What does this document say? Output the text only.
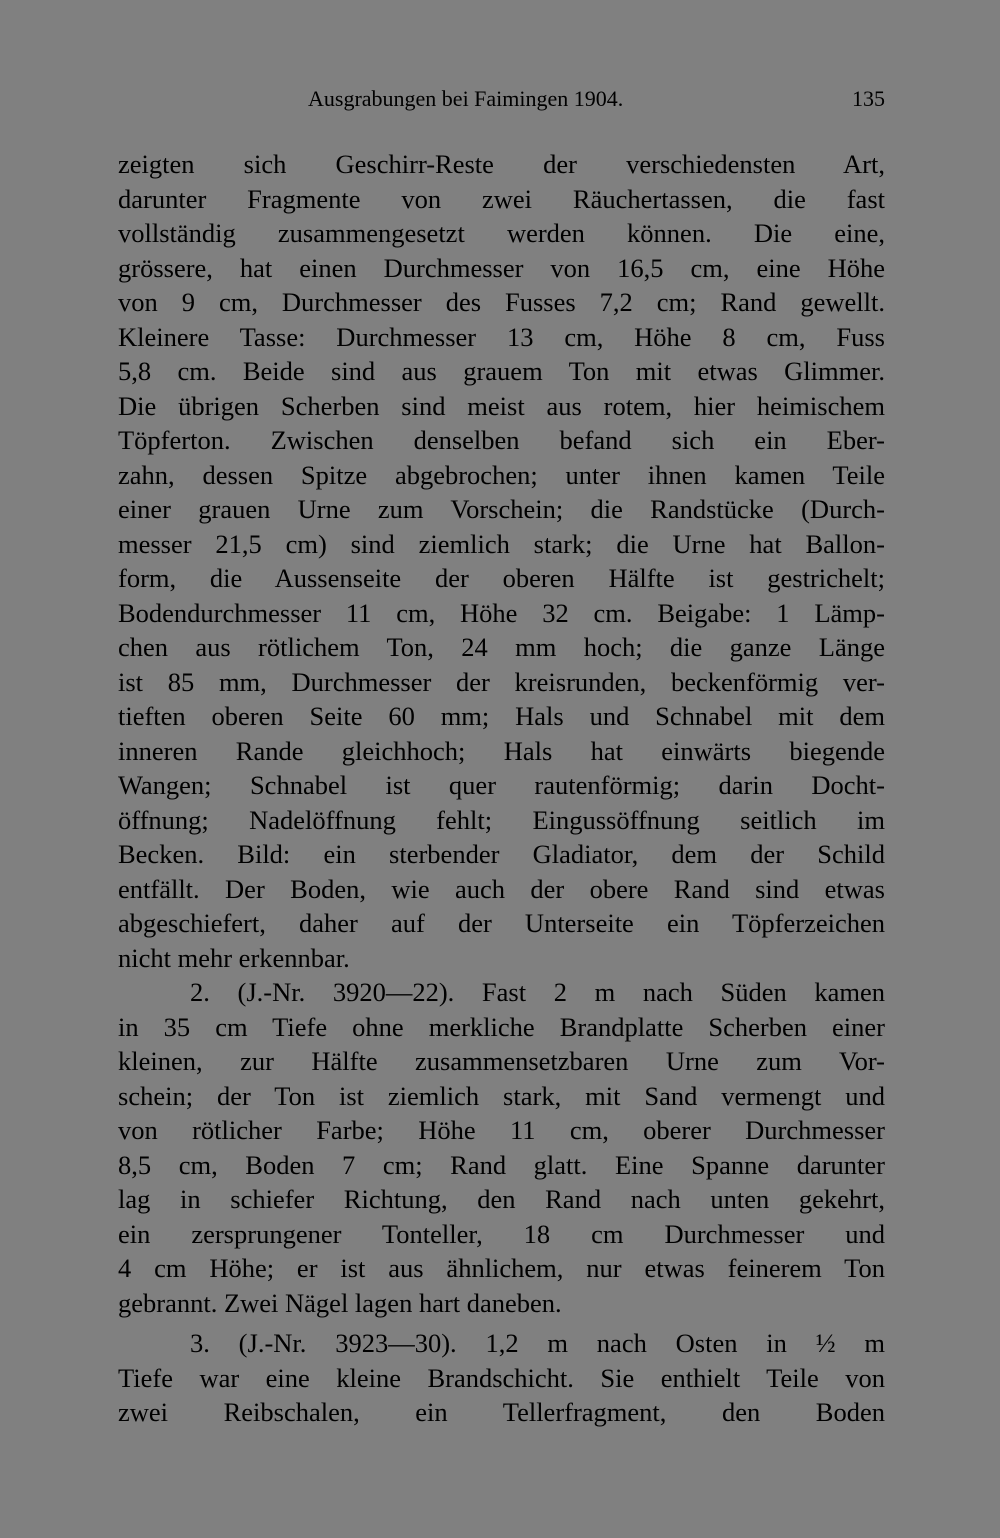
Ausgrabungen bei Faimingen 1904.	135
zeigten sich Geschirr-Reste der verschiedensten Art,
darunter Fragmente von zwei Räuchertassen, die fast
vollständig zusammengesetzt werden können. Die eine,
grössere, hat einen Durchmesser von 16,5 cm, eine Höhe
von 9 cm, Durchmesser des Fusses 7,2 cm; Rand gewellt.
Kleinere Tasse: Durchmesser 13 cm, Höhe 8 cm, Fuss
5,8 cm. Beide sind aus grauem Ton mit etwas Glimmer.
Die übrigen Scherben sind meist aus rotem, hier heimischem
Töpferton. Zwischen denselben befand sich ein Eber-
zahn, dessen Spitze abgebrochen; unter ihnen kamen Teile
einer grauen Urne zum Vorschein; die Randstücke (Durch-
messer 21,5 cm) sind ziemlich stark; die Urne hat Ballon-
form, die Aussenseite der oberen Hälfte ist gestrichelt;
Bodendurchmesser 11 cm, Höhe 32 cm. Beigabe: 1 Lämp-
chen aus rötlichem Ton, 24 mm hoch; die ganze Länge
ist 85 mm, Durchmesser der kreisrunden, beckenförmig ver-
tieften oberen Seite 60 mm; Hals und Schnabel mit dem
inneren Rande gleichhoch; Hals hat einwärts biegende
Wangen; Schnabel ist quer rautenförmig; darin Docht-
öffnung; Nadelöffnung fehlt; Eingussöffnung seitlich im
Becken. Bild: ein sterbender Gladiator, dem der Schild
entfällt. Der Boden, wie auch der obere Rand sind etwas
abgeschiefert, daher auf der Unterseite ein Töpferzeichen
nicht mehr erkennbar.
2. (J.-Nr. 3920—22). Fast 2 m nach Süden kamen
in 35 cm Tiefe ohne merkliche Brandplatte Scherben einer
kleinen, zur Hälfte zusammensetzbaren Urne zum Vor-
schein; der Ton ist ziemlich stark, mit Sand vermengt und
von rötlicher Farbe; Höhe 11 cm, oberer Durchmesser
8,5 cm, Boden 7 cm; Rand glatt. Eine Spanne darunter
lag in schiefer Richtung, den Rand nach unten gekehrt,
ein zersprungener Tonteller, 18 cm Durchmesser und
4 cm Höhe; er ist aus ähnlichem, nur etwas feinerem Ton
gebrannt. Zwei Nägel lagen hart daneben.
3. (J.-Nr. 3923—30). 1,2 m nach Osten in ½ m
Tiefe war eine kleine Brandschicht. Sie enthielt Teile von
zwei Reibschalen, ein Tellerfragment, den Boden
